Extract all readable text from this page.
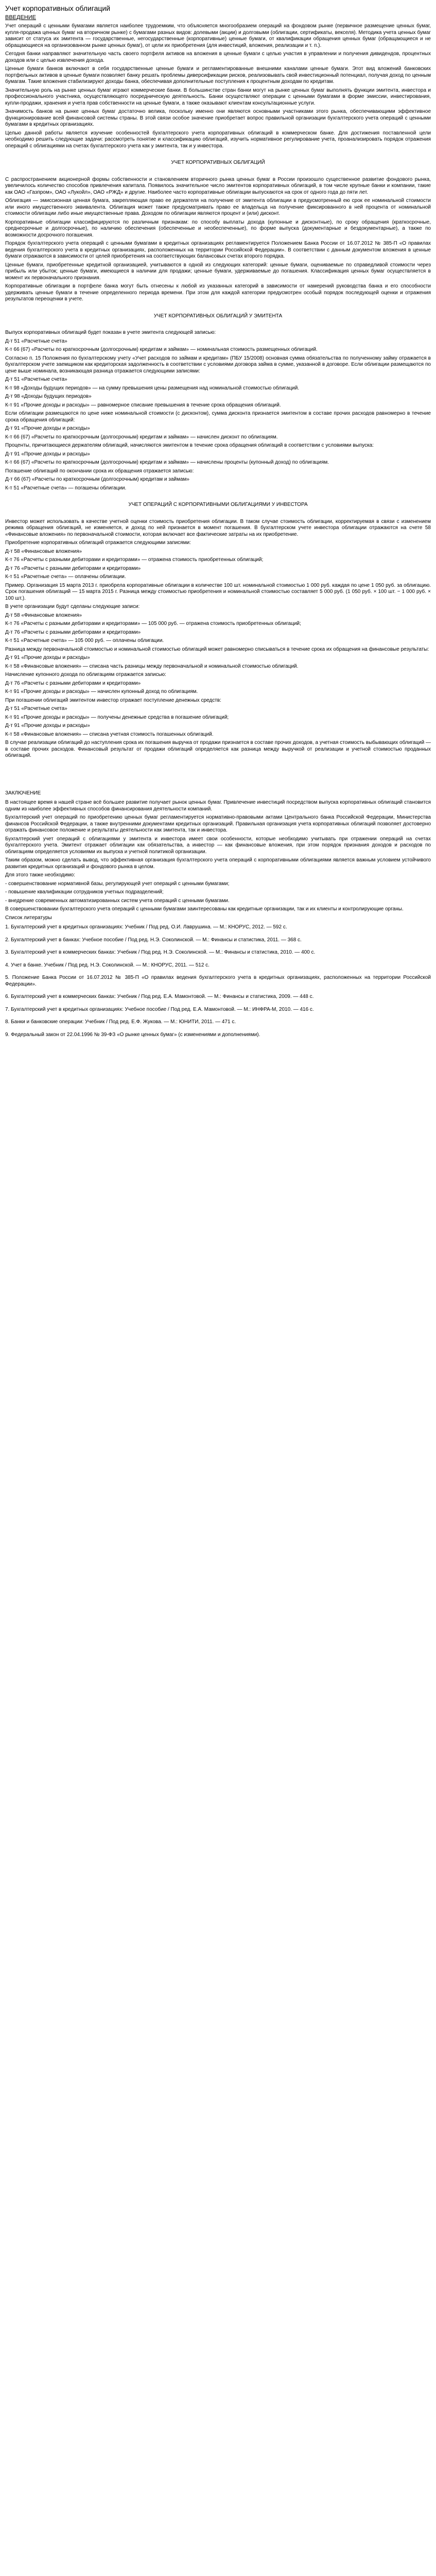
Учет корпоративных облигаций
ВВЕДЕНИЕ

Учет операций с ценными бумагами является наиболее трудоемким, что объясняется многообразием операций на фондовом рынке (первичное размещение ценных бумаг, купля-продажа ценных бумаг на вторичном рынке) с бумагами разных видов: долевыми (акции) и долговыми (облигации, сертификаты, векселя). Методика учета ценных бумаг зависит от статуса их эмитента — государственные, негосударственные (корпоративные) ценные бумаги, от квалификации обращения ценных бумаг (обращающиеся и не обращающиеся на организованном рынке ценных бумаг), от цели их приобретения (для инвестиций, вложения, реализации и т. п.).

Сегодня банки направляют значительную часть своего портфеля активов на вложения в ценные бумаги с целью участия в управлении и получения дивидендов, процентных доходов или с целью извлечения дохода.

Ценные бумаги банков включают в себя государственные ценные бумаги и регламентированные внешними каналами ценные бумаги. Этот вид вложений банковских портфельных активов в ценные бумаги позволяет банку решать проблемы диверсификации рисков, реализовывать свой инвестиционный потенциал, получая доход по ценным бумагам. Такие вложения стабилизируют доходы банка, обеспечивая дополнительные поступления к процентным доходам по кредитам.

Значительную роль на рынке ценных бумаг играют коммерческие банки. В большинстве стран банки могут на рынке ценных бумаг выполнять функции эмитента, инвестора и профессионального участника, осуществляющего посредническую деятельность. Банки осуществляют операции с ценными бумагами в форме эмиссии, инвестирования, купли-продажи, хранения и учета прав собственности на ценные бумаги, а также оказывают клиентам консультационные услуги.

Значимость банков на рынке ценных бумаг достаточно велика, поскольку именно они являются основными участниками этого рынка, обеспечивающими эффективное функционирование всей финансовой системы страны. В этой связи особое значение приобретает вопрос правильной организации бухгалтерского учета операций с ценными бумагами в кредитных организациях.

Целью данной работы является изучение особенностей бухгалтерского учета корпоративных облигаций в коммерческом банке. Для достижения поставленной цели необходимо решить следующие задачи: рассмотреть понятие и классификацию облигаций, изучить нормативное регулирование учета, проанализировать порядок отражения операций с облигациями на счетах бухгалтерского учета как у эмитента, так и у инвестора.

УЧЕТ КОРПОРАТИВНЫХ ОБЛИГАЦИЙ

С распространением акционерной формы собственности и становлением вторичного рынка ценных бумаг в России произошло существенное развитие фондового рынка, увеличилось количество способов привлечения капитала. Появилось значительное число эмитентов корпоративных облигаций, в том числе крупные банки и компании, такие как ОАО «Газпром», ОАО «Лукойл», ОАО «РЖД» и другие. Наиболее часто корпоративные облигации выпускаются на срок от одного года до пяти лет.

Облигация — эмиссионная ценная бумага, закрепляющая право ее держателя на получение от эмитента облигации в предусмотренный ею срок ее номинальной стоимости или иного имущественного эквивалента. Облигация может также предусматривать право ее владельца на получение фиксированного в ней процента от номинальной стоимости облигации либо иные имущественные права. Доходом по облигации являются процент и (или) дисконт.

Корпоративные облигации классифицируются по различным признакам: по способу выплаты дохода (купонные и дисконтные), по сроку обращения (краткосрочные, среднесрочные и долгосрочные), по наличию обеспечения (обеспеченные и необеспеченные), по форме выпуска (документарные и бездокументарные), а также по возможности досрочного погашения.

Порядок бухгалтерского учета операций с ценными бумагами в кредитных организациях регламентируется Положением Банка России от 16.07.2012 № 385-П «О правилах ведения бухгалтерского учета в кредитных организациях, расположенных на территории Российской Федерации». В соответствии с данным документом вложения в ценные бумаги отражаются в зависимости от целей приобретения на соответствующих балансовых счетах второго порядка.

Ценные бумаги, приобретенные кредитной организацией, учитываются в одной из следующих категорий: ценные бумаги, оцениваемые по справедливой стоимости через прибыль или убыток; ценные бумаги, имеющиеся в наличии для продажи; ценные бумаги, удерживаемые до погашения. Классификация ценных бумаг осуществляется в момент их первоначального признания.

Корпоративные облигации в портфеле банка могут быть отнесены к любой из указанных категорий в зависимости от намерений руководства банка и его способности удерживать ценные бумаги в течение определенного периода времени. При этом для каждой категории предусмотрен особый порядок последующей оценки и отражения результатов переоценки в учете.

УЧЕТ КОРПОРАТИВНЫХ ОБЛИГАЦИЙ У ЭМИТЕНТА

Выпуск корпоративных облигаций будет показан в учете эмитента следующей записью:

Д-т 51 «Расчетные счета»

К-т 66 (67) «Расчеты по краткосрочным (долгосрочным) кредитам и займам» — номинальная стоимость размещенных облигаций.

Согласно п. 15 Положения по бухгалтерскому учету «Учет расходов по займам и кредитам» (ПБУ 15/2008) основная сумма обязательства по полученному займу отражается в бухгалтерском учете заемщиком как кредиторская задолженность в соответствии с условиями договора займа в сумме, указанной в договоре. Если облигации размещаются по цене выше номинала, возникающая разница отражается следующими записями:

Д-т 51 «Расчетные счета»

К-т 98 «Доходы будущих периодов» — на сумму превышения цены размещения над номинальной стоимостью облигаций.

Д-т 98 «Доходы будущих периодов»

К-т 91 «Прочие доходы и расходы» — равномерное списание превышения в течение срока обращения облигаций.

Если облигации размещаются по цене ниже номинальной стоимости (с дисконтом), сумма дисконта признается эмитентом в составе прочих расходов равномерно в течение срока обращения облигаций:

Д-т 91 «Прочие доходы и расходы»

К-т 66 (67) «Расчеты по краткосрочным (долгосрочным) кредитам и займам» — начислен дисконт по облигациям.

Проценты, причитающиеся держателям облигаций, начисляются эмитентом в течение срока обращения облигаций в соответствии с условиями выпуска:

Д-т 91 «Прочие доходы и расходы»

К-т 66 (67) «Расчеты по краткосрочным (долгосрочным) кредитам и займам» — начислены проценты (купонный доход) по облигациям.

Погашение облигаций по окончании срока их обращения отражается записью:

Д-т 66 (67) «Расчеты по краткосрочным (долгосрочным) кредитам и займам»

К-т 51 «Расчетные счета» — погашены облигации.

УЧЕТ ОПЕРАЦИЙ С КОРПОРАТИВНЫМИ ОБЛИГАЦИЯМИ У ИНВЕСТОРА

Инвестор может использовать в качестве учетной оценки стоимость приобретения облигации. В таком случае стоимость облигации, корректируемая в связи с изменением режима обращения облигаций, не изменяется, и доход по ней признается в момент погашения. В бухгалтерском учете инвестора облигации отражаются на счете 58 «Финансовые вложения» по первоначальной стоимости, которая включает все фактические затраты на их приобретение.

Приобретение корпоративных облигаций отражается следующими записями:

Д-т 58 «Финансовые вложения»

К-т 76 «Расчеты с разными дебиторами и кредиторами» — отражена стоимость приобретенных облигаций;

Д-т 76 «Расчеты с разными дебиторами и кредиторами»

К-т 51 «Расчетные счета» — оплачены облигации.

Пример. Организация 15 марта 2013 г. приобрела корпоративные облигации в количестве 100 шт. номинальной стоимостью 1 000 руб. каждая по цене 1 050 руб. за облигацию. Срок погашения облигаций — 15 марта 2015 г. Разница между стоимостью приобретения и номинальной стоимостью составляет 5 000 руб. (1 050 руб. × 100 шт. − 1 000 руб. × 100 шт.).

В учете организации будут сделаны следующие записи:

Д-т 58 «Финансовые вложения»

К-т 76 «Расчеты с разными дебиторами и кредиторами» — 105 000 руб. — отражена стоимость приобретенных облигаций;

Д-т 76 «Расчеты с разными дебиторами и кредиторами»

К-т 51 «Расчетные счета» — 105 000 руб. — оплачены облигации.

Разница между первоначальной стоимостью и номинальной стоимостью облигаций может равномерно списываться в течение срока их обращения на финансовые результаты:

Д-т 91 «Прочие доходы и расходы»

К-т 58 «Финансовые вложения» — списана часть разницы между первоначальной и номинальной стоимостью облигаций.

Начисление купонного дохода по облигациям отражается записью:

Д-т 76 «Расчеты с разными дебиторами и кредиторами»

К-т 91 «Прочие доходы и расходы» — начислен купонный доход по облигациям.

При погашении облигаций эмитентом инвестор отражает поступление денежных средств:

Д-т 51 «Расчетные счета»

К-т 91 «Прочие доходы и расходы» — получены денежные средства в погашение облигаций;

Д-т 91 «Прочие доходы и расходы»

К-т 58 «Финансовые вложения» — списана учетная стоимость погашенных облигаций.

В случае реализации облигаций до наступления срока их погашения выручка от продажи признается в составе прочих доходов, а учетная стоимость выбывающих облигаций — в составе прочих расходов. Финансовый результат от продажи облигаций определяется как разница между выручкой от реализации и учетной стоимостью проданных облигаций.

ЗАКЛЮЧЕНИЕ

В настоящее время в нашей стране всё большее развитие получает рынок ценных бумаг. Привлечение инвестиций посредством выпуска корпоративных облигаций становится одним из наиболее эффективных способов финансирования деятельности компаний.

Бухгалтерский учет операций по приобретению ценных бумаг регламентируется нормативно-правовыми актами Центрального банка Российской Федерации, Министерства финансов Российской Федерации, а также внутренними документами кредитных организаций. Правильная организация учета корпоративных облигаций позволяет достоверно отражать финансовое положение и результаты деятельности как эмитента, так и инвестора.

Бухгалтерский учет операций с облигациями у эмитента и инвестора имеет свои особенности, которые необходимо учитывать при отражении операций на счетах бухгалтерского учета. Эмитент отражает облигации как обязательства, а инвестор — как финансовые вложения, при этом порядок признания доходов и расходов по облигациям определяется условиями их выпуска и учетной политикой организации.

Таким образом, можно сделать вывод, что эффективная организация бухгалтерского учета операций с корпоративными облигациями является важным условием устойчивого развития кредитных организаций и фондового рынка в целом.

Для этого также необходимо:

- совершенствование нормативной базы, регулирующей учет операций с ценными бумагами;

- повышение квалификации сотрудников учетных подразделений;

- внедрение современных автоматизированных систем учета операций с ценными бумагами.

В совершенствовании бухгалтерского учета операций с ценными бумагами заинтересованы как кредитные организации, так и их клиенты и контролирующие органы.

Список литературы

1. Бухгалтерский учет в кредитных организациях: Учебник / Под ред. О.И. Лаврушина. — М.: КНОРУС, 2012. — 592 с.

2. Бухгалтерский учет в банках: Учебное пособие / Под ред. Н.Э. Соколинской. — М.: Финансы и статистика, 2011. — 368 с.

3. Бухгалтерский учет в коммерческих банках: Учебник / Под ред. Н.Э. Соколинской. — М.: Финансы и статистика, 2010. — 400 с.

4. Учет в банке. Учебник / Под ред. Н.Э. Соколинской. — М.: КНОРУС, 2011. — 512 с.

5. Положение Банка России от 16.07.2012 № 385-П «О правилах ведения бухгалтерского учета в кредитных организациях, расположенных на территории Российской Федерации».

6. Бухгалтерский учет в коммерческих банках: Учебник / Под ред. Е.А. Мамонтовой. — М.: Финансы и статистика, 2009. — 448 с.

7. Бухгалтерский учет в кредитных организациях: Учебное пособие / Под ред. Е.А. Мамонтовой. — М.: ИНФРА-М, 2010. — 416 с.

8. Банки и банковские операции: Учебник / Под ред. Е.Ф. Жукова. — М.: ЮНИТИ, 2011. — 471 с.

9. Федеральный закон от 22.04.1996 № 39-ФЗ «О рынке ценных бумаг» (с изменениями и дополнениями).
